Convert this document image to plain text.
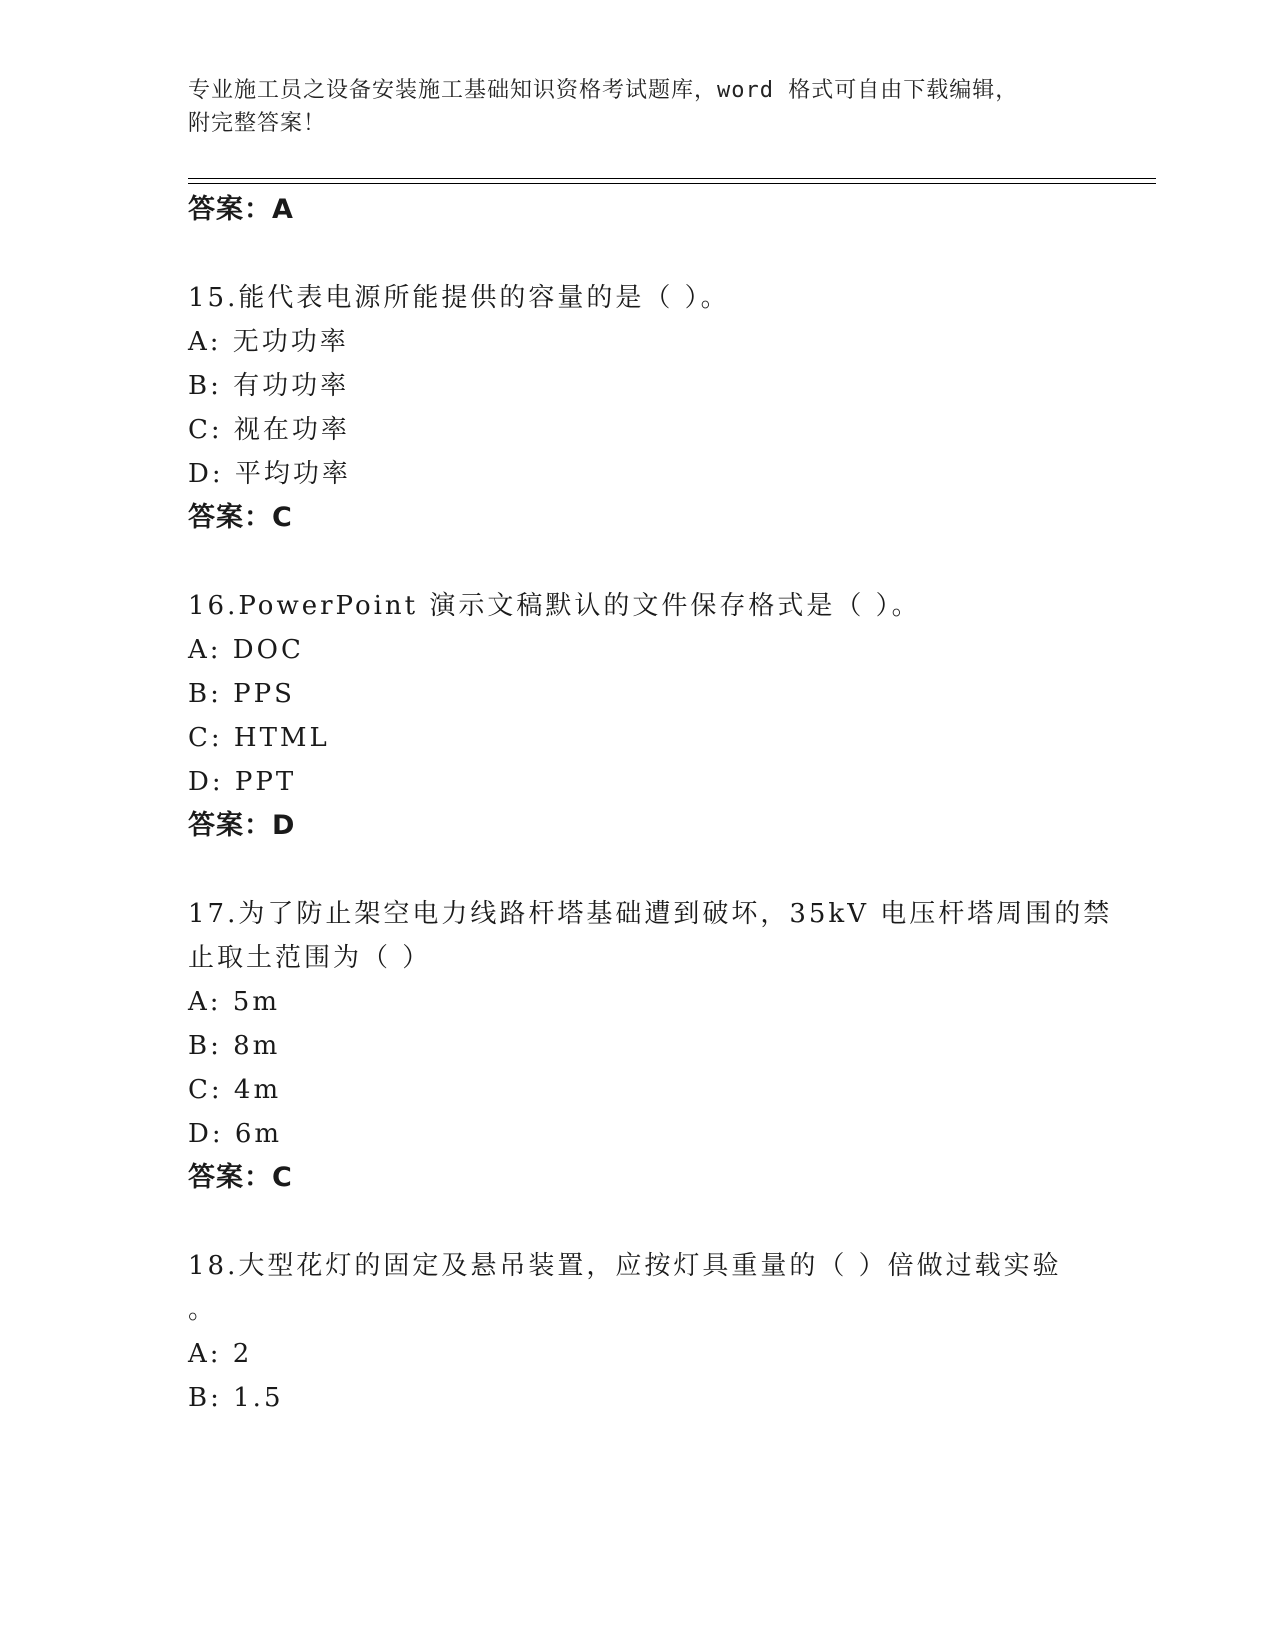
专业施工员之设备安装施工基础知识资格考试题库，word 格式可自由下载编辑，
附完整答案！
答案：A
15.能代表电源所能提供的容量的是（ ）。
A: 无功功率
B: 有功功率
C: 视在功率
D: 平均功率
答案：C
16.PowerPoint 演示文稿默认的文件保存格式是（ ）。
A: DOC
B: PPS
C: HTML
D: PPT
答案：D
17.为了防止架空电力线路杆塔基础遭到破坏，35kV 电压杆塔周围的禁
止取土范围为（ ）
A: 5m
B: 8m
C: 4m
D: 6m
答案：C
18.大型花灯的固定及悬吊装置，应按灯具重量的（ ）倍做过载实验
。
A: 2
B: 1.5
